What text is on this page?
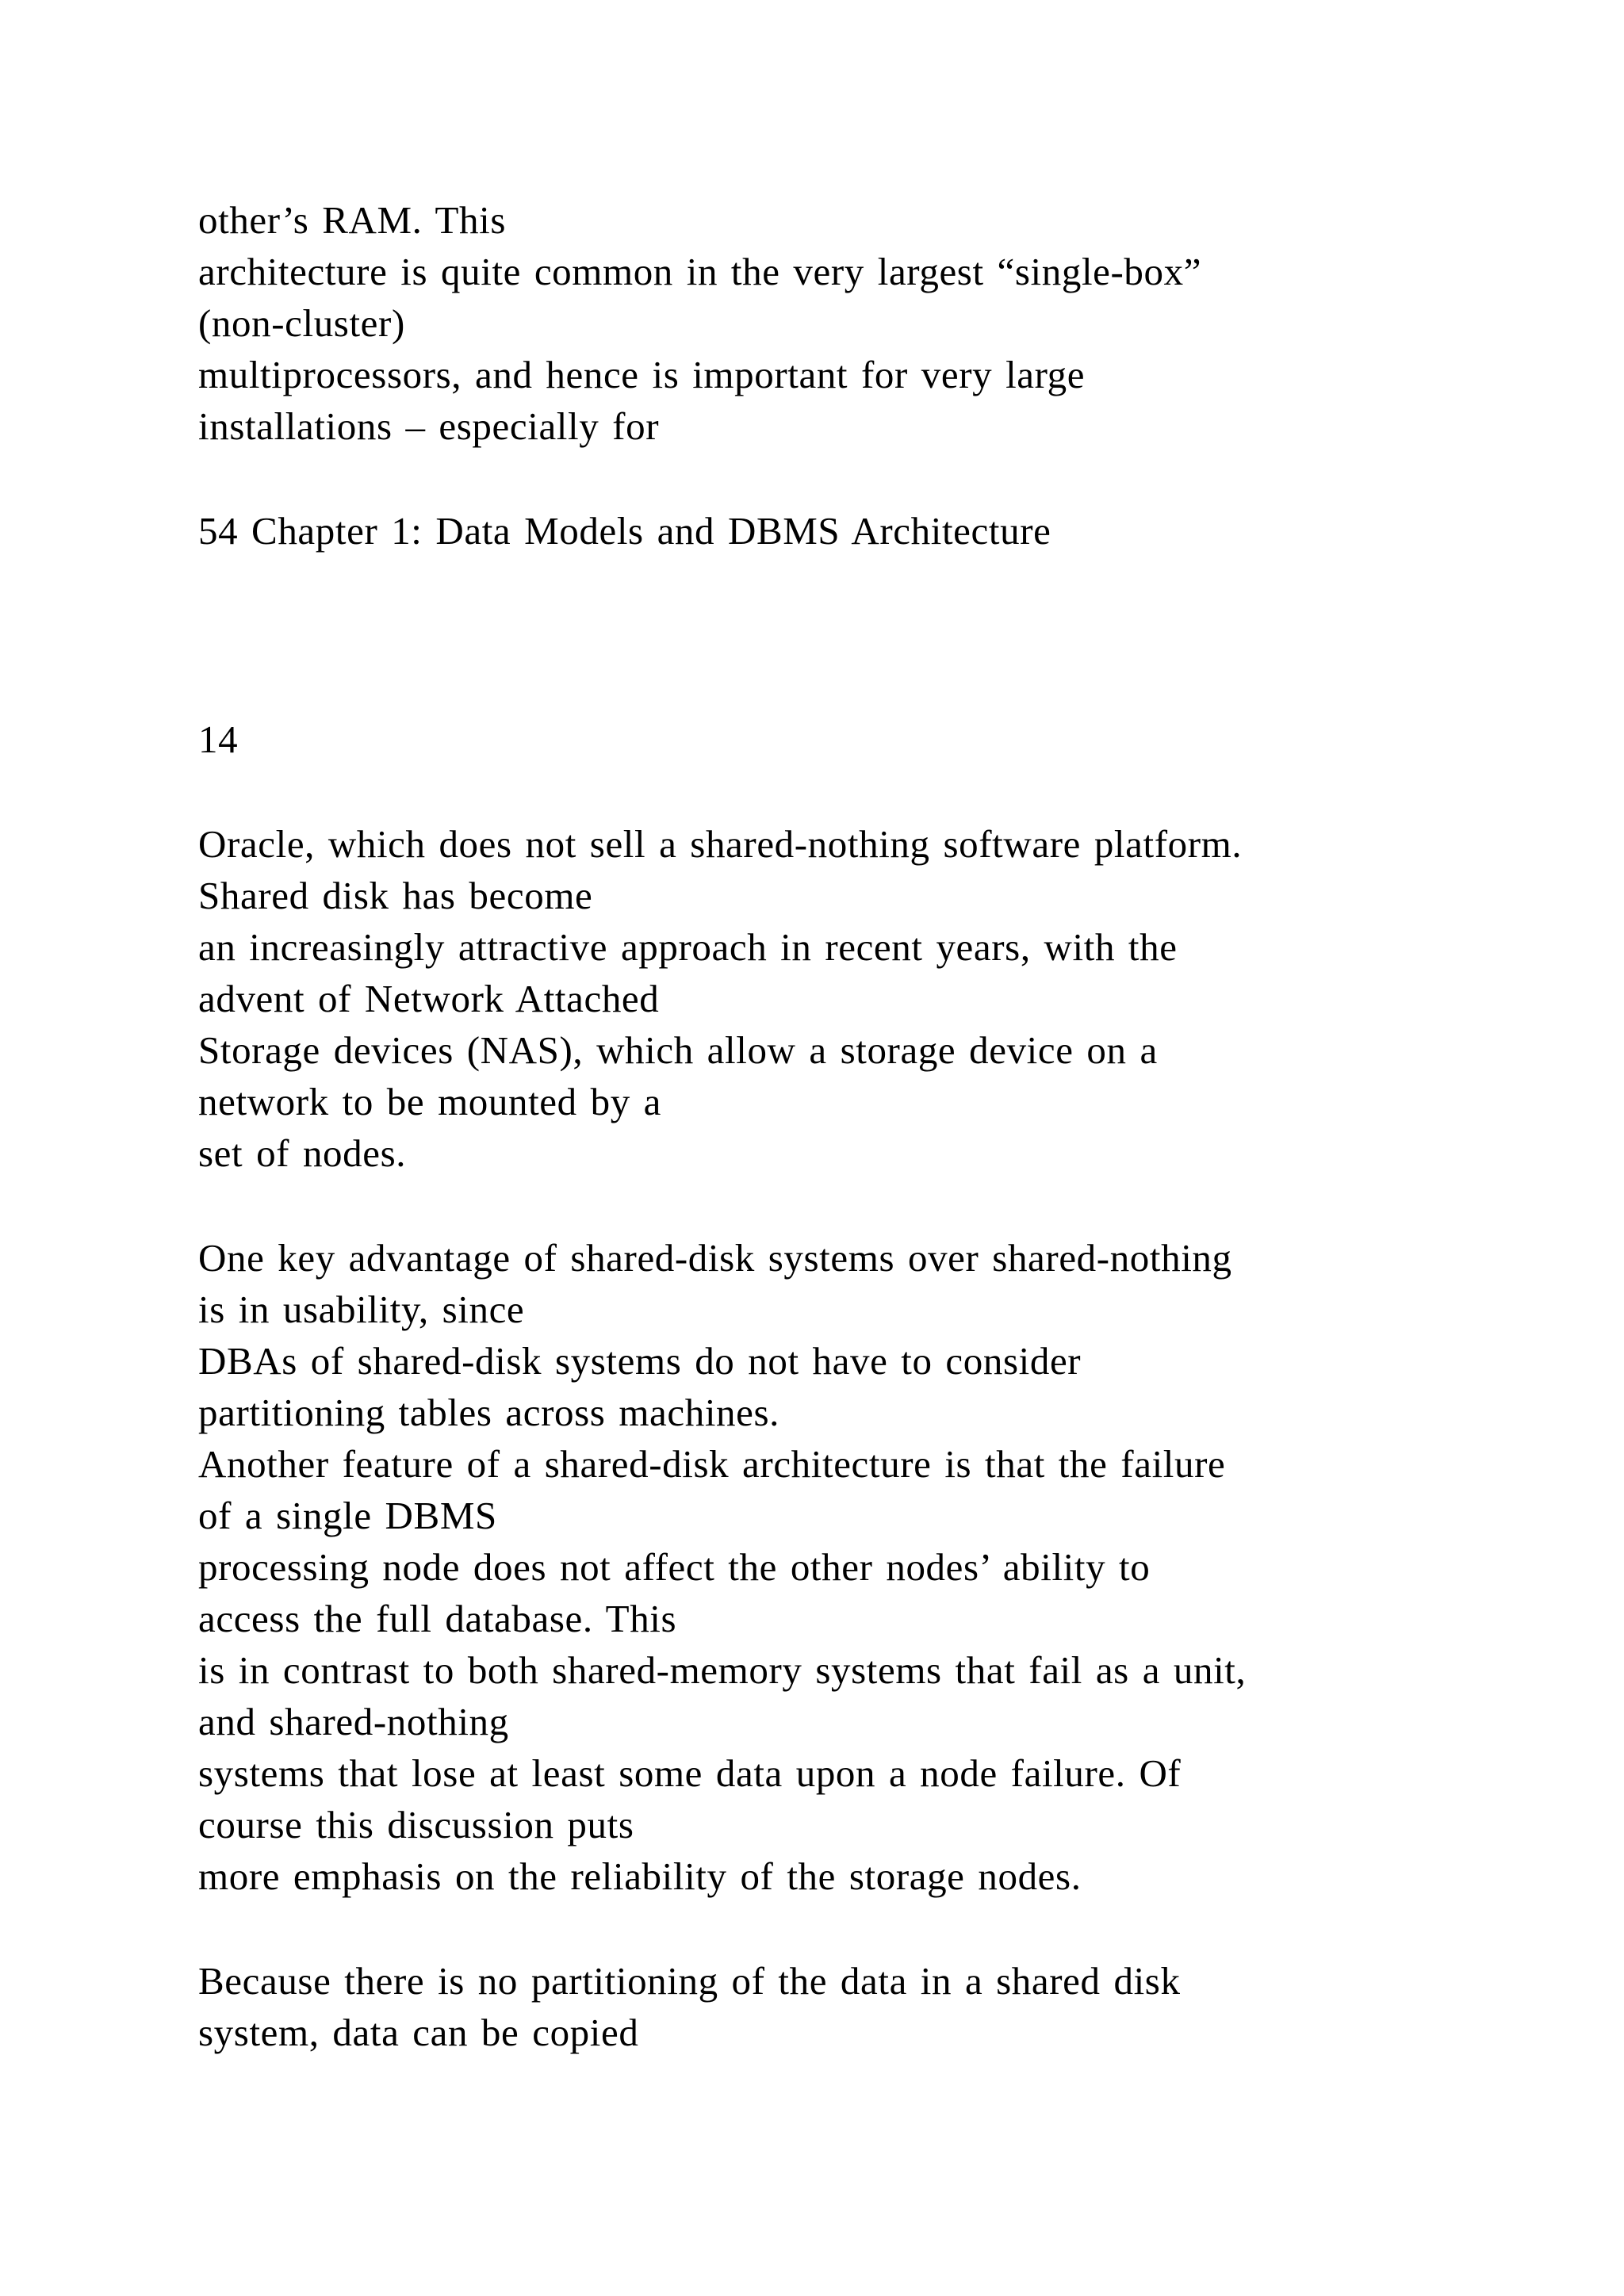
other’s RAM. This
architecture is quite common in the very largest “single-box”
(non-cluster)
multiprocessors, and hence is important for very large
installations – especially for
54 Chapter 1: Data Models and DBMS Architecture
14
Oracle, which does not sell a shared-nothing software platform.
Shared disk has become
an increasingly attractive approach in recent years, with the
advent of Network Attached
Storage devices (NAS), which allow a storage device on a
network to be mounted by a
set of nodes.
One key advantage of shared-disk systems over shared-nothing
is in usability, since
DBAs of shared-disk systems do not have to consider
partitioning tables across machines.
Another feature of a shared-disk architecture is that the failure
of a single DBMS
processing node does not affect the other nodes’ ability to
access the full database. This
is in contrast to both shared-memory systems that fail as a unit,
and shared-nothing
systems that lose at least some data upon a node failure. Of
course this discussion puts
more emphasis on the reliability of the storage nodes.
Because there is no partitioning of the data in a shared disk
system, data can be copied
